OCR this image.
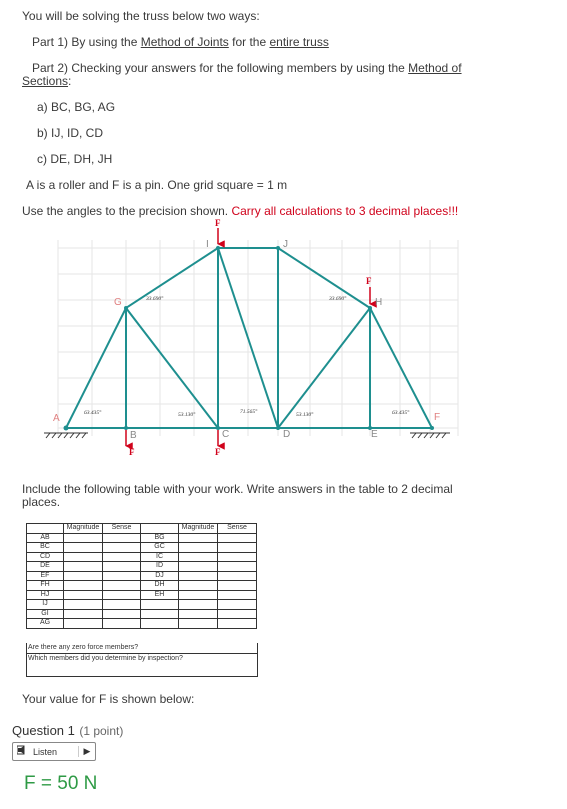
You will be solving the truss below two ways:
Part 1) By using the Method of Joints for the entire truss
Part 2) Checking your answers for the following members by using the Method of
Sections:
a) BC, BG, AG
b) IJ, ID, CD
c) DE, DH, JH
A is a roller and F is a pin. One grid square = 1 m
Use the angles to the precision shown. Carry all calculations to 3 decimal places!!!
F
F
F	F
A
B	C	D	E
F
G	H
I	J
63.435°
33.690°
53.130°	71.565°	53.130°
33.690°
63.435°
Include the following table with your work. Write answers in the table to 2 decimal
places.
	Magnitude	Sense		Magnitude	Sense
AB			BG		
BC			GC		
CD			IC		
DE			ID		
EF			DJ		
FH			DH		
HJ			EH		
IJ					
GI					
AG					
Are there any zero force members?
Which members did you determine by inspection?
Your value for F is shown below:
Question 1 (1 point)
Listen	▶
F = 50 N
